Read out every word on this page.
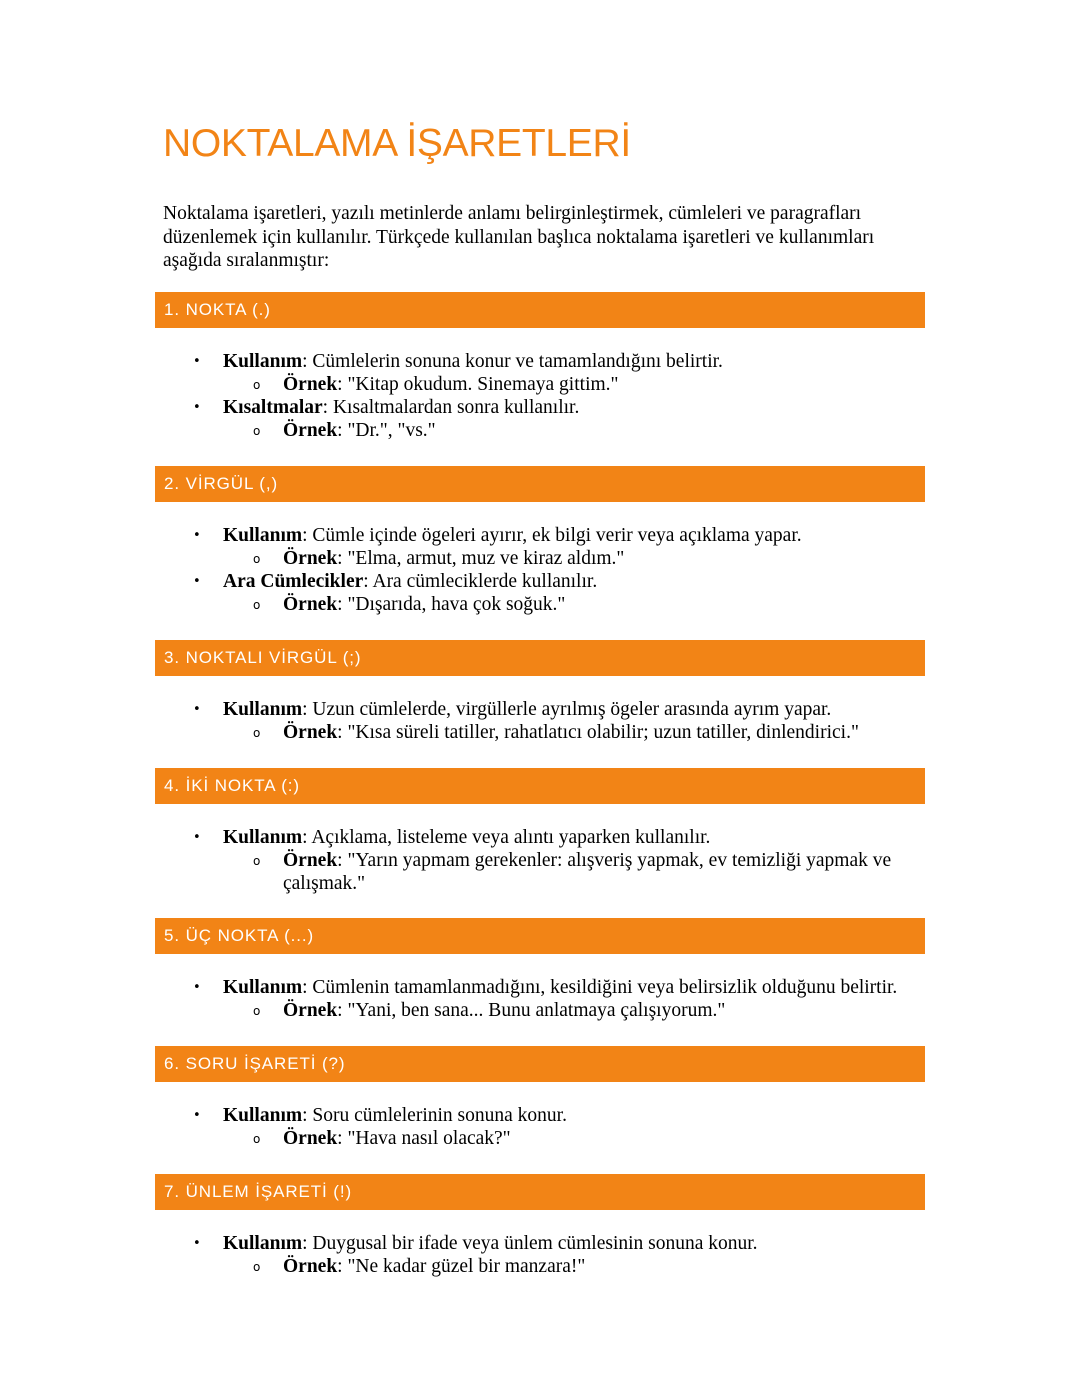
NOKTALAMA İŞARETLERİ

Noktalama işaretleri, yazılı metinlerde anlamı belirginleştirmek, cümleleri ve paragrafları düzenlemek için kullanılır. Türkçede kullanılan başlıca noktalama işaretleri ve kullanımları aşağıda sıralanmıştır:

1. NOKTA (.)
• Kullanım: Cümlelerin sonuna konur ve tamamlandığını belirtir.
o Örnek: "Kitap okudum. Sinemaya gittim."
• Kısaltmalar: Kısaltmalardan sonra kullanılır.
o Örnek: "Dr.", "vs."
2. VİRGÜL (,)
• Kullanım: Cümle içinde ögeleri ayırır, ek bilgi verir veya açıklama yapar.
o Örnek: "Elma, armut, muz ve kiraz aldım."
• Ara Cümlecikler: Ara cümleciklerde kullanılır.
o Örnek: "Dışarıda, hava çok soğuk."
3. NOKTALI VİRGÜL (;)
• Kullanım: Uzun cümlelerde, virgüllerle ayrılmış ögeler arasında ayrım yapar.
o Örnek: "Kısa süreli tatiller, rahatlatıcı olabilir; uzun tatiller, dinlendirici."
4. İKİ NOKTA (:)
• Kullanım: Açıklama, listeleme veya alıntı yaparken kullanılır.
o Örnek: "Yarın yapmam gerekenler: alışveriş yapmak, ev temizliği yapmak ve çalışmak."
5. ÜÇ NOKTA (...)
• Kullanım: Cümlenin tamamlanmadığını, kesildiğini veya belirsizlik olduğunu belirtir.
o Örnek: "Yani, ben sana... Bunu anlatmaya çalışıyorum."
6. SORU İŞARETİ (?)
• Kullanım: Soru cümlelerinin sonuna konur.
o Örnek: "Hava nasıl olacak?"
7. ÜNLEM İŞARETİ (!)
• Kullanım: Duygusal bir ifade veya ünlem cümlesinin sonuna konur.
o Örnek: "Ne kadar güzel bir manzara!"
